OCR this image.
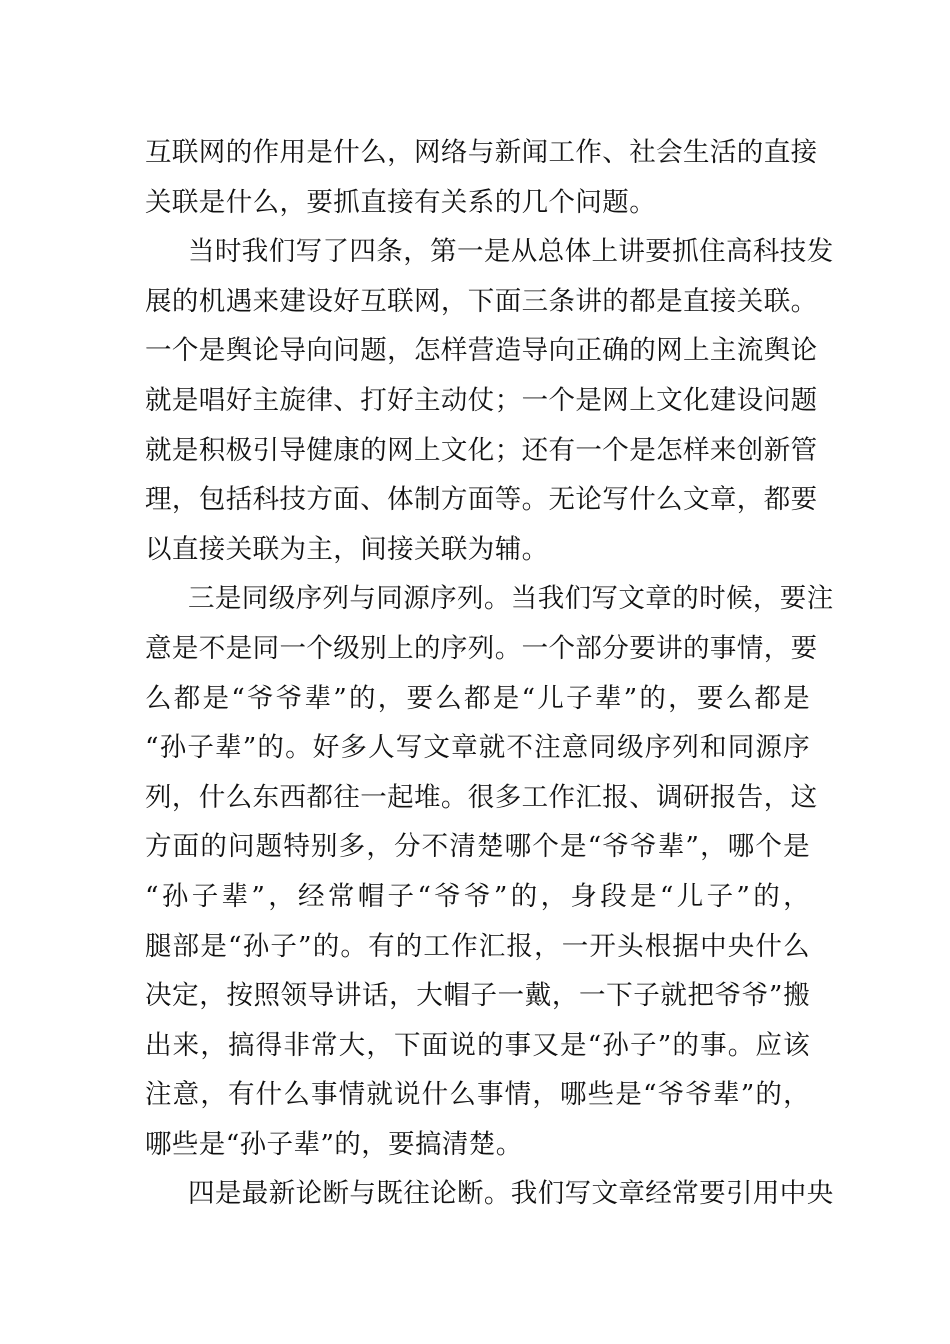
互联网的作用是什么，网络与新闻工作、社会生活的直接
关联是什么，要抓直接有关系的几个问题。
当时我们写了四条，第一是从总体上讲要抓住高科技发
展的机遇来建设好互联网，下面三条讲的都是直接关联。
一个是舆论导向问题，怎样营造导向正确的网上主流舆论
就是唱好主旋律、打好主动仗；一个是网上文化建设问题
就是积极引导健康的网上文化；还有一个是怎样来创新管
理，包括科技方面、体制方面等。无论写什么文章，都要
以直接关联为主，间接关联为辅。
三是同级序列与同源序列。当我们写文章的时候，要注
意是不是同一个级别上的序列。一个部分要讲的事情，要
么都是“爷爷辈”的，要么都是“儿子辈”的，要么都是
“孙子辈”的。好多人写文章就不注意同级序列和同源序
列，什么东西都往一起堆。很多工作汇报、调研报告，这
方面的问题特别多，分不清楚哪个是“爷爷辈”，哪个是
“孙子辈”，经常帽子“爷爷”的，身段是“儿子”的，
腿部是“孙子”的。有的工作汇报，一开头根据中央什么
决定，按照领导讲话，大帽子一戴，一下子就把爷爷”搬
出来，搞得非常大，下面说的事又是“孙子”的事。应该
注意，有什么事情就说什么事情，哪些是“爷爷辈”的，
哪些是“孙子辈”的，要搞清楚。
四是最新论断与既往论断。我们写文章经常要引用中央
